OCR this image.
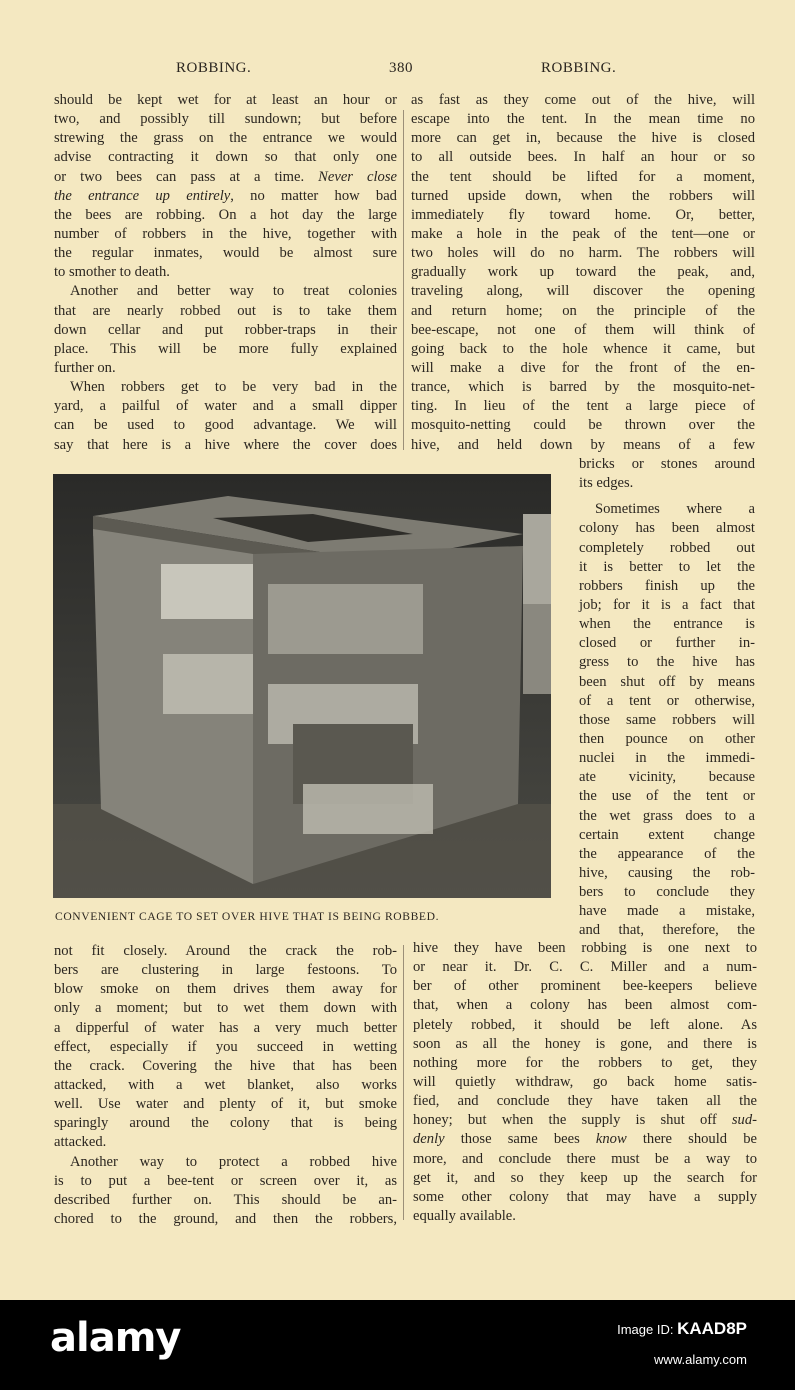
ROBBING.	380	ROBBING.
should be kept wet for at least an hour or
two, and possibly till sundown; but before
strewing the grass on the entrance we would
advise contracting it down so that only one
or two bees can pass at a time. Never close
the entrance up entirely, no matter how bad
the bees are robbing. On a hot day the large
number of robbers in the hive, together with
the regular inmates, would be almost sure
to smother to death.
Another and better way to treat colonies
that are nearly robbed out is to take them
down cellar and put robber-traps in their
place. This will be more fully explained
further on.
When robbers get to be very bad in the
yard, a pailful of water and a small dipper
can be used to good advantage. We will
say that here is a hive where the cover does
as fast as they come out of the hive, will
escape into the tent. In the mean time no
more can get in, because the hive is closed
to all outside bees. In half an hour or so
the tent should be lifted for a moment,
turned upside down, when the robbers will
immediately fly toward home. Or, better,
make a hole in the peak of the tent—one or
two holes will do no harm. The robbers will
gradually work up toward the peak, and,
traveling along, will discover the opening
and return home; on the principle of the
bee-escape, not one of them will think of
going back to the hole whence it came, but
will make a dive for the front of the en-
trance, which is barred by the mosquito-net-
ting. In lieu of the tent a large piece of
mosquito-netting could be thrown over the
hive, and held down by means of a few
bricks or stones around
its edges.
Sometimes where a
colony has been almost
completely robbed out
it is better to let the
robbers finish up the
job; for it is a fact that
when the entrance is
closed or further in-
gress to the hive has
been shut off by means
of a tent or otherwise,
those same robbers will
then pounce on other
nuclei in the immedi-
ate vicinity, because
the use of the tent or
the wet grass does to a
certain extent change
the appearance of the
hive, causing the rob-
bers to conclude they
have made a mistake,
and that, therefore, the
not fit closely. Around the crack the rob-
bers are clustering in large festoons. To
blow smoke on them drives them away for
only a moment; but to wet them down with
a dipperful of water has a very much better
effect, especially if you succeed in wetting
the crack. Covering the hive that has been
attacked, with a wet blanket, also works
well. Use water and plenty of it, but smoke
sparingly around the colony that is being
attacked.
Another way to protect a robbed hive
is to put a bee-tent or screen over it, as
described further on. This should be an-
chored to the ground, and then the robbers,
hive they have been robbing is one next to
or near it. Dr. C. C. Miller and a num-
ber of other prominent bee-keepers believe
that, when a colony has been almost com-
pletely robbed, it should be left alone. As
soon as all the honey is gone, and there is
nothing more for the robbers to get, they
will quietly withdraw, go back home satis-
fied, and conclude they have taken all the
honey; but when the supply is shut off sud-
denly those same bees know there should be
more, and conclude there must be a way to
get it, and so they keep up the search for
some other colony that may have a supply
equally available.
CONVENIENT CAGE TO SET OVER HIVE THAT IS BEING ROBBED.
alamy	Image ID: KAAD8P
www.alamy.com
